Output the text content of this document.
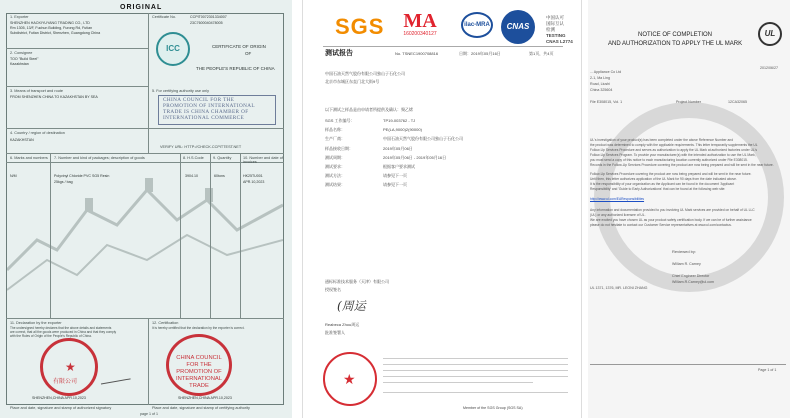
ORIGINAL
1. Exporter
SHENZHEN HAOXIYUYANG TRADING CO., LTD
Rm 1305, 13/F, Fuchun Building, Furong Rd, Futian
Subdistrict, Futian District, Shenzhen, Guangdong China
Certificate No.	CCPIT0072301334007
23C7600040478005
ICC	CERTIFICATE OF ORIGIN
OF
THE PEOPLE'S REPUBLIC OF CHINA
2. Consignee
TOO "Build Steel"
Kazakhstan
3. Means of transport and route
FROM SHENZHEN CHINA TO KAZAKHSTAN BY SEA
5. For certifying authority use only
CHINA COUNCIL FOR THE
PROMOTION OF INTERNATIONAL
TRADE IS CHINA CHAMBER OF
INTERNATIONAL COMMERCE
4. Country / region of destination
KAZAKHSTAN
VERIFY URL: HTTP://CHECK.CCPITTEST.NET
6. Marks and numbers 7. Number and kind of packages; description of goods	8. H.S.Code 9. Quantity	10. Number and date of invoices
N/M	Polyvinyl Chloride PVC SG5 Resin
25kgs / bag
3904.10	60tons	HK25TU001
APR.10,2023
11. Declaration by the exporter
The undersigned hereby declares that the above details and statements
are correct, that all the goods were produced in China and that they comply
with the Rules of Origin of the People's Republic of China.
12. Certification
It is hereby certified that the declaration by the exporter is correct.
★
有限公司
CHINA COUNCIL FOR THE PROMOTION OF INTERNATIONAL TRADE
SHENZHEN,CHINA APR.10,2023	SHENZHEN,CHINA APR.10,2023
Place and date, signature and stamp of authorized signatory	Place and date, signature and stamp of certifying authority
page 1 of 1
SGS MA
160200340127
ilac-MRA	CNAS
中国认可
国际互认
检测
TESTING
CNAS L2774
测试报告	No. TSNEC1900708816	日期：2019年05月16日	第1页，共4页
中国石油天然气股份有限公司独山子石化公司
北京市东城区东直门北大街9号
以下测试之样品是由申请者所提供及确认：聚乙烯
SGS 工作编号：	TP19-003762 - TJ
样品名称：	PE(LA,9000)2(90000)
生产厂商：	中国石油天然气股份有限公司独山子石化公司
样品接收日期：	2019年05月06日
测试周期：	2019年05月06日 - 2019年05月16日
测试要求：	根据客户要求测试
测试方法：	请参见下一页
测试结果：	请参见下一页
通标标准技术服务（天津）有限公司
授权签名
(周运
Reabeca Zhou周运
批准签署人
★
Member of the SGS Group (SGS SA)
NOTICE OF COMPLETION
AND AUTHORIZATION TO APPLY THE UL MARK
UL
2012/06/27
... Appliance Co Ltd
2-1, Ma Ling
Road, Liushi
China 325604
File E308015, Vol. 1	Project Number	12CA32065
UL's investigation of your product(s) has been completed under the above Reference Number and
the product was determined to comply with the applicable requirements. This letter temporarily supplements the UL
Follow-Up Services Procedure and serves as authorization to apply the UL Mark at authorized factories under UL's
Follow-Up Services Program. To provide your manufacturer(s) with the intended authorization to use the UL Mark,
you must send a copy of this notice to each manufacturing location currently authorized under File E308015.
Records in the Follow-Up Services Procedure covering the product are now being prepared and will be sent in the near future.
Follow-Up Services Procedure covering the product are now being prepared and will be sent in the near future.
Until then, this letter authorizes application of the UL Mark for 90 days from the date indicated above.
It is the responsibility of your organization as the Applicant can be found in the document 'Applicant
Responsibility' and 'Guide to Early Authorizations' that can be found at the following web site:
http://www.ul.com/EAResponsibilities
Any information and documentation provided to you involving UL Mark services are provided on behalf of UL LLC
(UL) or any authorized licensee of UL.
We are excited you have chosen UL as your product safety certification body. If we can be of further assistance
please do not hesitate to contact our Customer Service representatives at www.ul.com/contactus.
Reviewed by:
William R. Carney
Chief Engineer Director
William.R.Carney@ul.com
UL 1371, 1376, MR. LEONI ZHANG
Page 1 of 1
